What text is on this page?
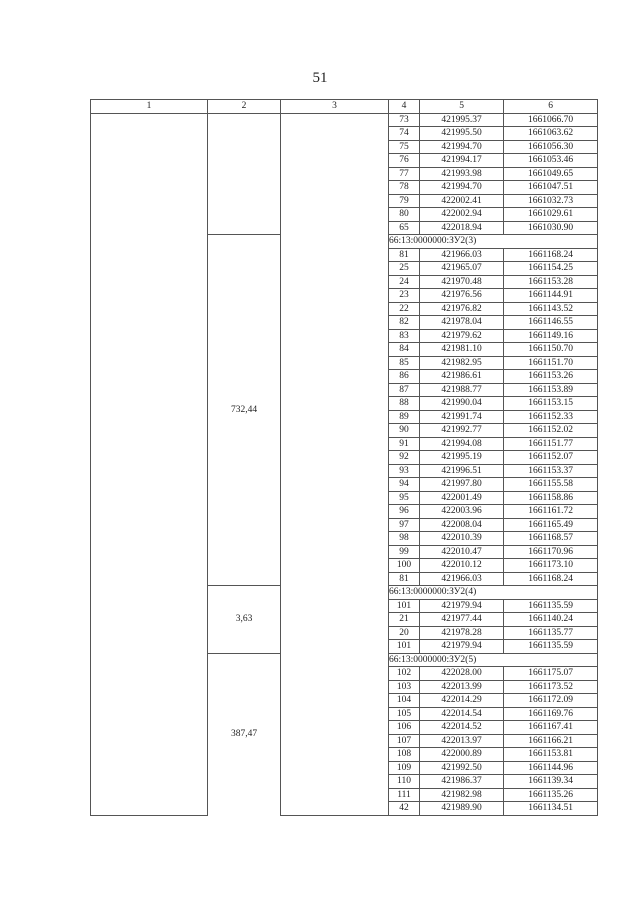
51
1	2	3	4	5	6
			73	421995.37	1661066.70
			74	421995.50	1661063.62
			75	421994.70	1661056.30
			76	421994.17	1661053.46
			77	421993.98	1661049.65
			78	421994.70	1661047.51
			79	422002.41	1661032.73
			80	422002.94	1661029.61
			65	422018.94	1661030.90
	732,44		66:13:0000000:ЗУ2(3)		
			81	421966.03	1661168.24
			25	421965.07	1661154.25
			24	421970.48	1661153.28
			23	421976.56	1661144.91
			22	421976.82	1661143.52
			82	421978.04	1661146.55
			83	421979.62	1661149.16
			84	421981.10	1661150.70
			85	421982.95	1661151.70
			86	421986.61	1661153.26
			87	421988.77	1661153.89
			88	421990.04	1661153.15
			89	421991.74	1661152.33
			90	421992.77	1661152.02
			91	421994.08	1661151.77
			92	421995.19	1661152.07
			93	421996.51	1661153.37
			94	421997.80	1661155.58
			95	422001.49	1661158.86
			96	422003.96	1661161.72
			97	422008.04	1661165.49
			98	422010.39	1661168.57
			99	422010.47	1661170.96
			100	422010.12	1661173.10
			81	421966.03	1661168.24
	3,63		66:13:0000000:ЗУ2(4)		
			101	421979.94	1661135.59
			21	421977.44	1661140.24
			20	421978.28	1661135.77
			101	421979.94	1661135.59
	387,47		66:13:0000000:ЗУ2(5)		
			102	422028.00	1661175.07
			103	422013.99	1661173.52
			104	422014.29	1661172.09
			105	422014.54	1661169.76
			106	422014.52	1661167.41
			107	422013.97	1661166.21
			108	422000.89	1661153.81
			109	421992.50	1661144.96
			110	421986.37	1661139.34
			111	421982.98	1661135.26
			42	421989.90	1661134.51
